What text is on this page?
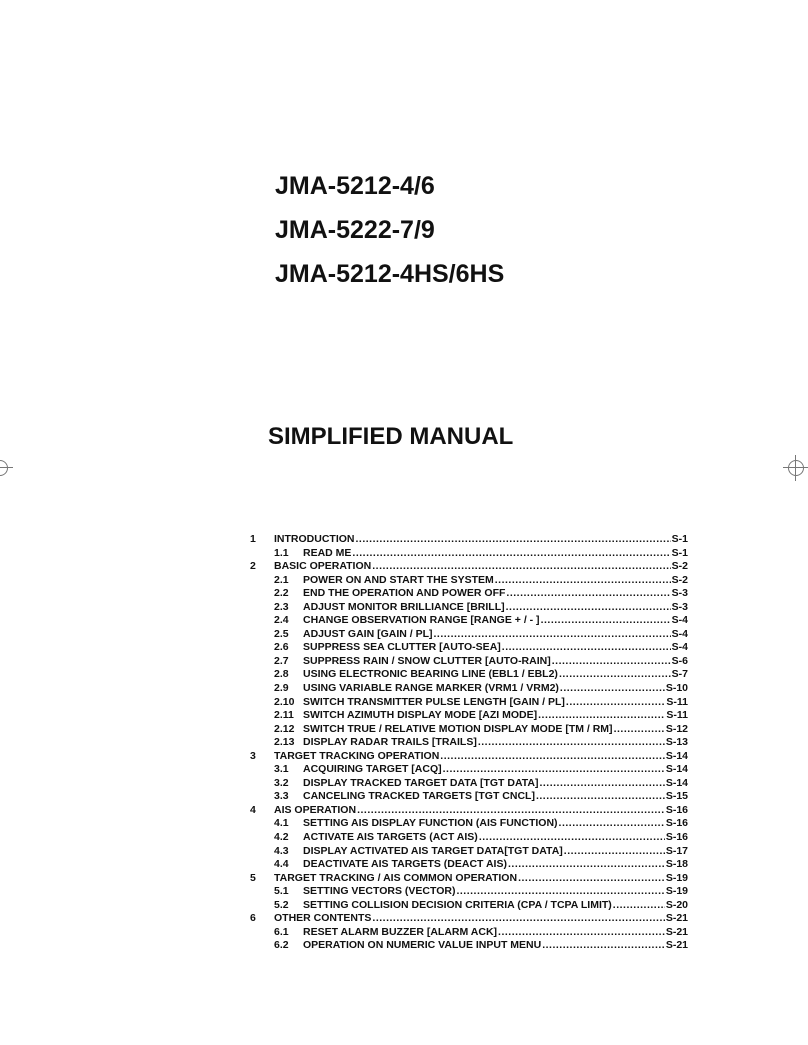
JMA-5212-4/6
JMA-5222-7/9
JMA-5212-4HS/6HS
SIMPLIFIED MANUAL
1 INTRODUCTION .....	S-1
1.1 READ ME .....	S-1
2 BASIC OPERATION .....	S-2
2.1 POWER ON AND START THE SYSTEM .....	S-2
2.2 END THE OPERATION AND POWER OFF .....	S-3
2.3 ADJUST MONITOR BRILLIANCE [BRILL] .....	S-3
2.4 CHANGE OBSERVATION RANGE [RANGE + / - ] .....	S-4
2.5 ADJUST GAIN [GAIN / PL] .....	S-4
2.6 SUPPRESS SEA CLUTTER [AUTO-SEA] .....	S-4
2.7 SUPPRESS RAIN / SNOW CLUTTER [AUTO-RAIN] .....	S-6
2.8 USING ELECTRONIC BEARING LINE (EBL1 / EBL2) .....	S-7
2.9 USING VARIABLE RANGE MARKER (VRM1 / VRM2) .....	S-10
2.10 SWITCH TRANSMITTER PULSE LENGTH [GAIN / PL] .....	S-11
2.11 SWITCH AZIMUTH DISPLAY MODE [AZI MODE] .....	S-11
2.12 SWITCH TRUE / RELATIVE MOTION DISPLAY MODE [TM / RM] .....	S-12
2.13 DISPLAY RADAR TRAILS [TRAILS] .....	S-13
3 TARGET TRACKING OPERATION .....	S-14
3.1 ACQUIRING TARGET [ACQ] .....	S-14
3.2 DISPLAY TRACKED TARGET DATA [TGT DATA] .....	S-14
3.3 CANCELING TRACKED TARGETS [TGT CNCL] .....	S-15
4 AIS OPERATION .....	S-16
4.1 SETTING AIS DISPLAY FUNCTION (AIS FUNCTION) .....	S-16
4.2 ACTIVATE AIS TARGETS (ACT AIS) .....	S-16
4.3 DISPLAY ACTIVATED AIS TARGET DATA[TGT DATA] .....	S-17
4.4 DEACTIVATE AIS TARGETS (DEACT AIS) .....	S-18
5 TARGET TRACKING / AIS COMMON OPERATION .....	S-19
5.1 SETTING VECTORS (VECTOR) .....	S-19
5.2 SETTING COLLISION DECISION CRITERIA (CPA / TCPA LIMIT) .....	S-20
6 OTHER CONTENTS .....	S-21
6.1 RESET ALARM BUZZER [ALARM ACK] .....	S-21
6.2 OPERATION ON NUMERIC VALUE INPUT MENU .....	S-21
